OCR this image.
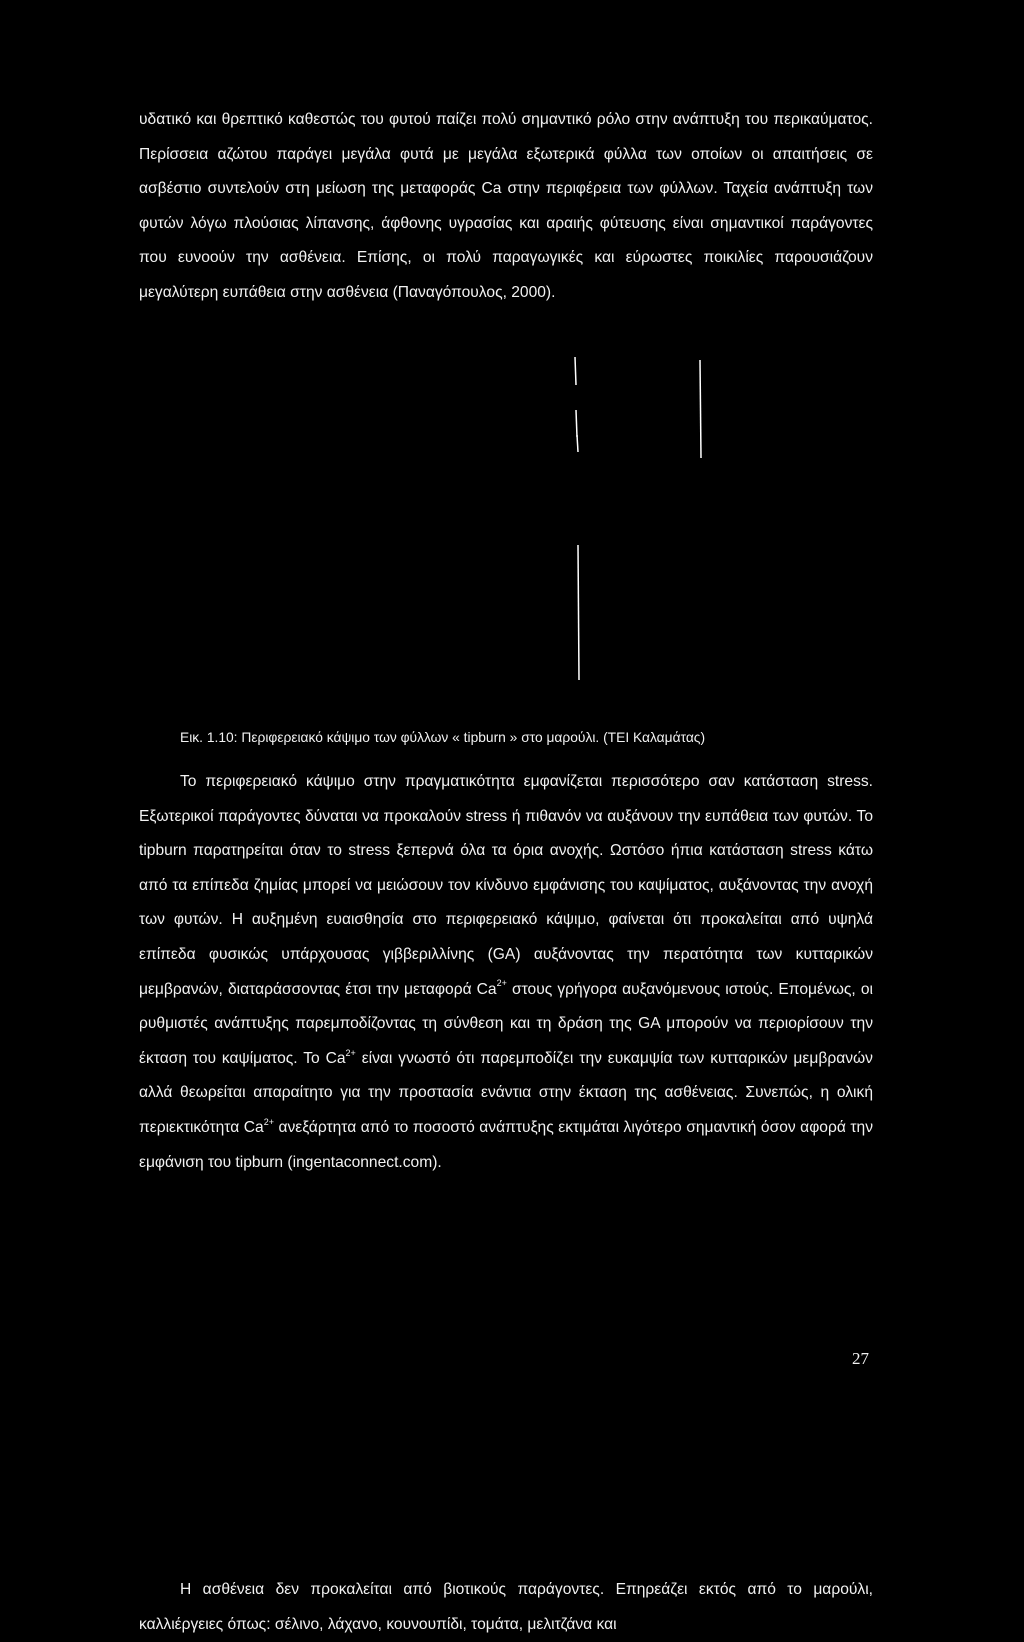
υδατικό και θρεπτικό καθεστώς του φυτού παίζει πολύ σημαντικό ρόλο στην ανάπτυξη του περικαύματος. Περίσσεια αζώτου παράγει μεγάλα φυτά με μεγάλα εξωτερικά φύλλα των οποίων οι απαιτήσεις σε ασβέστιο συντελούν στη μείωση της μεταφοράς Ca στην περιφέρεια των φύλλων. Ταχεία ανάπτυξη των φυτών λόγω πλούσιας λίπανσης, άφθονης υγρασίας και αραιής φύτευσης είναι σημαντικοί παράγοντες που ευνοούν την ασθένεια. Επίσης, οι πολύ παραγωγικές και εύρωστες ποικιλίες παρουσιάζουν μεγαλύτερη ευπάθεια στην ασθένεια (Παναγόπουλος, 2000).

Εικ. 1.10: Περιφερειακό κάψιμο των φύλλων « tipburn » στο μαρούλι. (ΤΕΙ Καλαμάτας)

Το περιφερειακό κάψιμο στην πραγματικότητα εμφανίζεται περισσότερο σαν κατάσταση stress. Εξωτερικοί παράγοντες δύναται να προκαλούν stress ή πιθανόν να αυξάνουν την ευπάθεια των φυτών. Το tipburn παρατηρείται όταν το stress ξεπερνά όλα τα όρια ανοχής. Ωστόσο ήπια κατάσταση stress κάτω από τα επίπεδα ζημίας μπορεί να μειώσουν τον κίνδυνο εμφάνισης του καψίματος, αυξάνοντας την ανοχή των φυτών. Η αυξημένη ευαισθησία στο περιφερειακό κάψιμο, φαίνεται ότι προκαλείται από υψηλά επίπεδα φυσικώς υπάρχουσας γιββεριλλίνης (GA) αυξάνοντας την περατότητα των κυτταρικών μεμβρανών, διαταράσσοντας έτσι την μεταφορά $Ca^{2+}$ στους γρήγορα αυξανόμενους ιστούς. Επομένως, οι ρυθμιστές ανάπτυξης παρεμποδίζοντας τη σύνθεση και τη δράση της GA μπορούν να περιορίσουν την έκταση του καψίματος. Το $Ca^{2+}$ είναι γνωστό ότι παρεμποδίζει την ευκαμψία των κυτταρικών μεμβρανών αλλά θεωρείται απαραίτητο για την προστασία ενάντια στην έκταση της ασθένειας. Συνεπώς, η ολική περιεκτικότητα $Ca^{2+}$ ανεξάρτητα από το ποσοστό ανάπτυξης εκτιμάται λιγότερο σημαντική όσον αφορά την εμφάνιση του tipburn (ingentaconnect.com).

Η ασθένεια δεν προκαλείται από βιοτικούς παράγοντες. Επηρεάζει εκτός από το μαρούλι, καλλιέργειες όπως: σέλινο, λάχανο, κουνουπίδι, τομάτα, μελιτζάνα και

27
